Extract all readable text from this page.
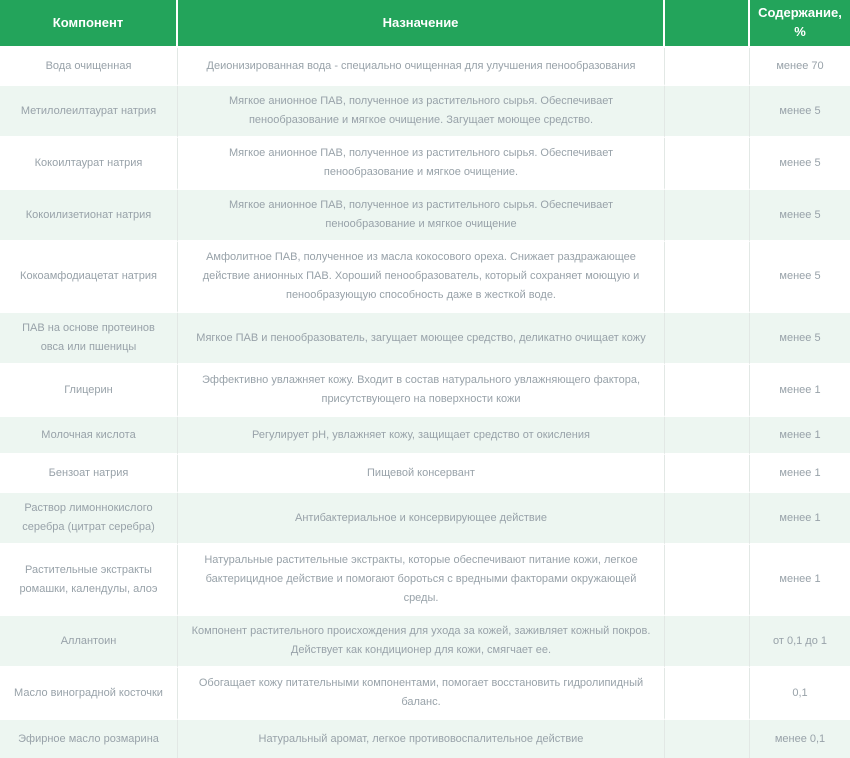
Компонент	Назначение		Содержание, %
Вода очищенная	Деионизированная вода - специально очищенная для улучшения пенообразования		менее 70
Метилолеилтаурат натрия	Мягкое анионное ПАВ, полученное из растительного сырья. Обеспечивает пенообразование и мягкое очищение. Загущает моющее средство.		менее 5
Кокоилтаурат натрия	Мягкое анионное ПАВ, полученное из растительного сырья. Обеспечивает пенообразование и мягкое очищение.		менее 5
Кокоилизетионат натрия	Мягкое анионное ПАВ, полученное из растительного сырья. Обеспечивает пенообразование и мягкое очищение		менее 5
Кокоамфодиацетат натрия	Амфолитное ПАВ, полученное из масла кокосового ореха. Снижает раздражающее действие анионных ПАВ. Хороший пенообразователь, который сохраняет моющую и пенообразующую способность даже в жесткой воде.		менее 5
ПАВ на основе протеинов овса или пшеницы	Мягкое ПАВ и пенообразователь, загущает моющее средство, деликатно очищает кожу		менее 5
Глицерин	Эффективно увлажняет кожу. Входит в состав натурального увлажняющего фактора, присутствующего на поверхности кожи		менее 1
Молочная кислота	Регулирует pH, увлажняет кожу, защищает средство от окисления		менее 1
Бензоат натрия	Пищевой консервант		менее 1
Раствор лимоннокислого серебра (цитрат серебра)	Антибактериальное и консервирующее действие		менее 1
Растительные экстракты ромашки, календулы, алоэ	Натуральные растительные экстракты, которые обеспечивают питание кожи, легкое бактерицидное действие и помогают бороться с вредными факторами окружающей среды.		менее 1
Аллантоин	Компонент растительного происхождения для ухода за кожей, заживляет кожный покров. Действует как кондиционер для кожи, смягчает ее.		от 0,1 до 1
Масло виноградной косточки	Обогащает кожу питательными компонентами, помогает восстановить гидролипидный баланс.		0,1
Эфирное масло розмарина	Натуральный аромат, легкое противовоспалительное действие		менее 0,1
